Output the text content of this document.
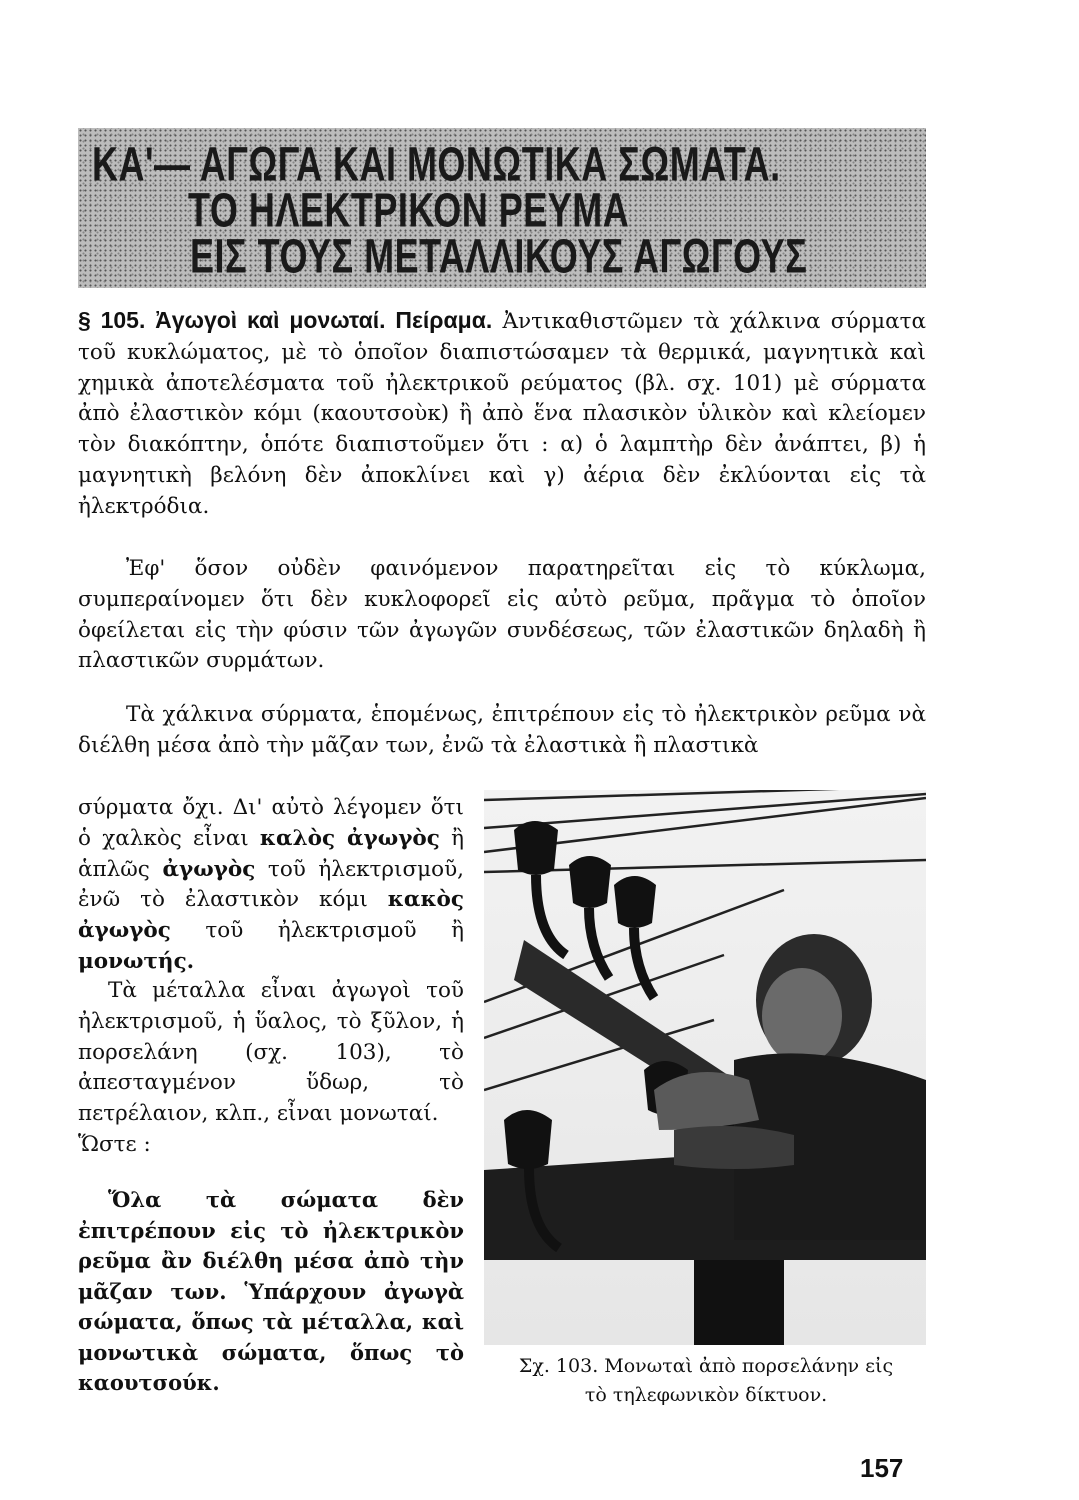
ΚΑ'— ΑΓΩΓΑ ΚΑΙ ΜΟΝΩΤΙΚΑ ΣΩΜΑΤΑ.
ΤΟ ΗΛΕΚΤΡΙΚΟΝ ΡΕΥΜΑ
ΕΙΣ ΤΟΥΣ ΜΕΤΑΛΛΙΚΟΥΣ ΑΓΩΓΟΥΣ

§ 105. Ἀγωγοὶ καὶ μονωταί. Πείραμα. Ἀντικαθιστῶμεν τὰ χάλκινα σύρματα τοῦ κυκλώματος, μὲ τὸ ὁποῖον διαπιστώσαμεν τὰ θερμικά, μαγνητικὰ καὶ χημικὰ ἀποτελέσματα τοῦ ἠλεκτρικοῦ ρεύματος (βλ. σχ. 101) μὲ σύρματα ἀπὸ ἐλαστικὸν κόμι (καουτσοὺκ) ἢ ἀπὸ ἕνα πλασικὸν ὑλικὸν καὶ κλείομεν τὸν διακόπτην, ὁπότε διαπιστοῦμεν ὅτι : α) ὁ λαμπτὴρ δὲν ἀνάπτει, β) ἡ μαγνητικὴ βελόνη δὲν ἀποκλίνει καὶ γ) ἀέρια δὲν ἐκλύονται εἰς τὰ ἠλεκτρόδια.

Ἐφ' ὅσον οὐδὲν φαινόμενον παρατηρεῖται εἰς τὸ κύκλωμα, συμπεραίνομεν ὅτι δὲν κυκλοφορεῖ εἰς αὐτὸ ρεῦμα, πρᾶγμα τὸ ὁποῖον ὀφείλεται εἰς τὴν φύσιν τῶν ἀγωγῶν συνδέσεως, τῶν ἐλαστικῶν δηλαδὴ ἢ πλαστικῶν συρμάτων.

Τὰ χάλκινα σύρματα, ἑπομένως, ἐπιτρέπουν εἰς τὸ ἠλεκτρικὸν ρεῦμα νὰ διέλθη μέσα ἀπὸ τὴν μᾶζαν των, ἐνῶ τὰ ἐλαστικὰ ἢ πλαστικὰ

σύρματα ὄχι. Δι' αὐτὸ λέγομεν ὅτι ὁ χαλκὸς εἶναι καλὸς ἀγωγὸς ἢ ἁπλῶς ἀγωγὸς τοῦ ἠλεκτρισμοῦ, ἐνῶ τὸ ἐλαστικὸν κόμι κακὸς ἀγωγὸς τοῦ ἠλεκτρισμοῦ ἢ μονωτής.

Τὰ μέταλλα εἶναι ἀγωγοὶ τοῦ ἠλεκτρισμοῦ, ἡ ὕαλος, τὸ ξῦλον, ἡ πορσελάνη (σχ. 103), τὸ ἀπεσταγμένον ὕδωρ, τὸ πετρέλαιον, κλπ., εἶναι μονωταί.
Ὥστε :

Ὅλα τὰ σώματα δὲν ἐπιτρέπουν εἰς τὸ ἠλεκτρικὸν ρεῦμα ἂν διέλθη μέσα ἀπὸ τὴν μᾶζαν των. Ὑπάρχουν ἀγωγὰ σώματα, ὅπως τὰ μέταλλα, καὶ μονωτικὰ σώματα, ὅπως τὸ καουτσούκ.

Σχ. 103. Μονωταὶ ἀπὸ πορσελάνην εἰς
τὸ τηλεφωνικὸν δίκτυον.

157
